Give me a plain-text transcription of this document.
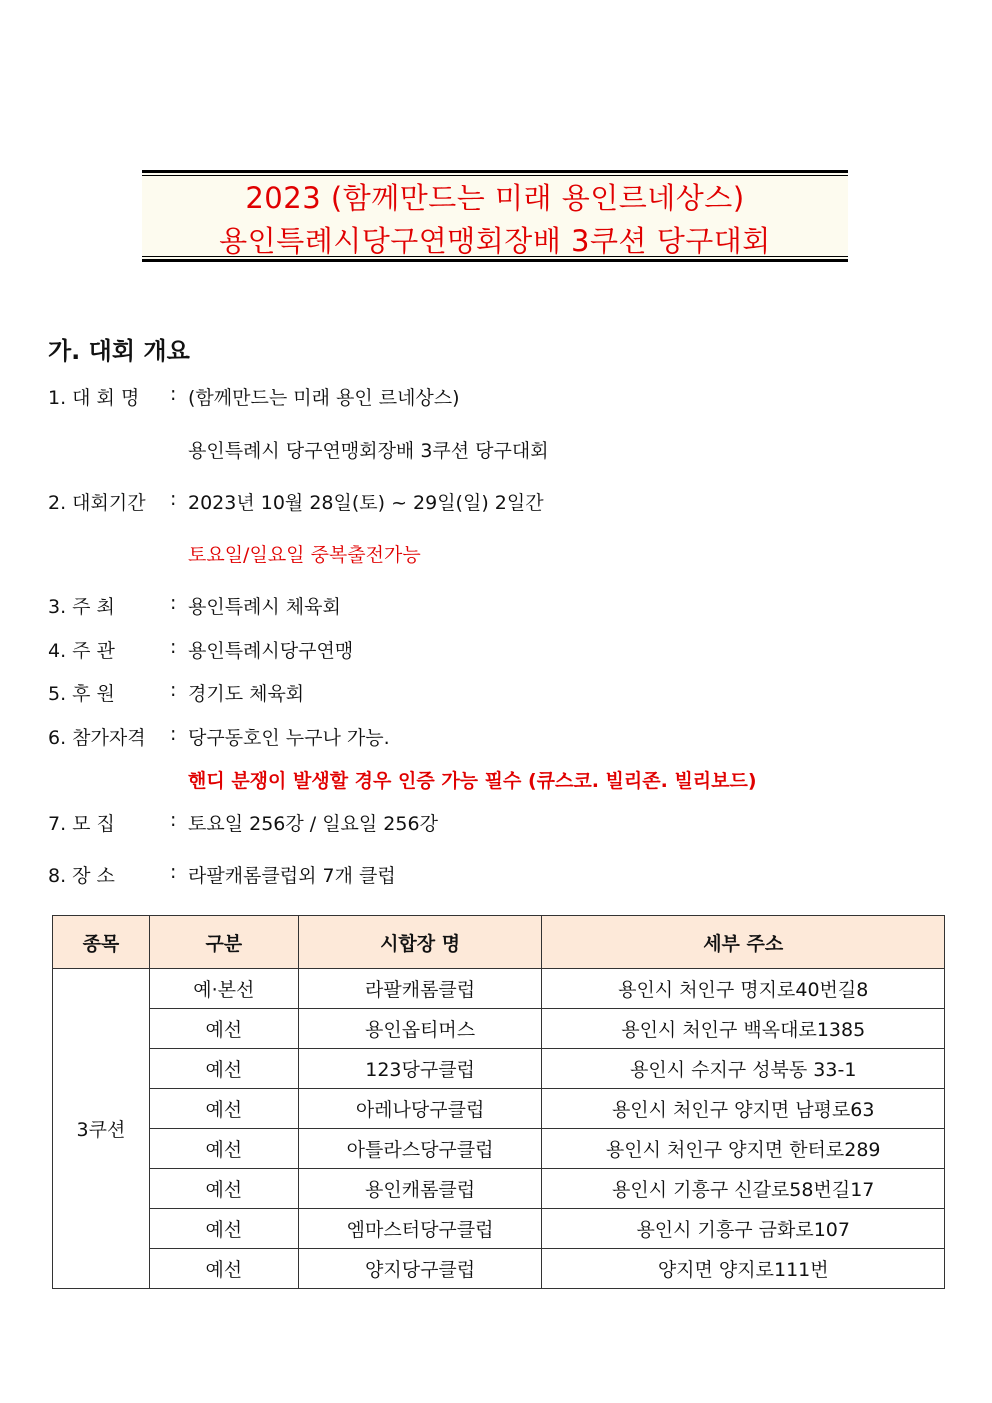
2023 (함께만드는 미래 용인르네상스)
용인특례시당구연맹회장배 3쿠션 당구대회
가. 대회 개요
1. 대 회 명 : (함께만드는 미래 용인 르네상스)
용인특례시 당구연맹회장배 3쿠션 당구대회
2. 대회기간 : 2023년 10월 28일(토) ~ 29일(일) 2일간
토요일/일요일 중복출전가능
3. 주 최	: 용인특례시 체육회
4. 주 관	: 용인특례시당구연맹
5. 후 원	: 경기도 체육회
6. 참가자격 : 당구동호인 누구나 가능.
핸디 분쟁이 발생할 경우 인증 가능 필수 (큐스코. 빌리존. 빌리보드)
7. 모 집	: 토요일 256강 / 일요일 256강
8. 장 소	: 라팔캐롬클럽외 7개 클럽
종목	구분	시합장 명	세부 주소
3쿠션	예·본선	라팔캐롬클럽	용인시 처인구 명지로40번길8
	예선	용인옵티머스	용인시 처인구 백옥대로1385
	예선	123당구클럽	용인시 수지구 성북동 33-1
	예선	아레나당구클럽	용인시 처인구 양지면 남평로63
	예선	아틀라스당구클럽	용인시 처인구 양지면 한터로289
	예선	용인캐롬클럽	용인시 기흥구 신갈로58번길17
	예선	엠마스터당구클럽	용인시 기흥구 금화로107
	예선	양지당구클럽	양지면 양지로111번
